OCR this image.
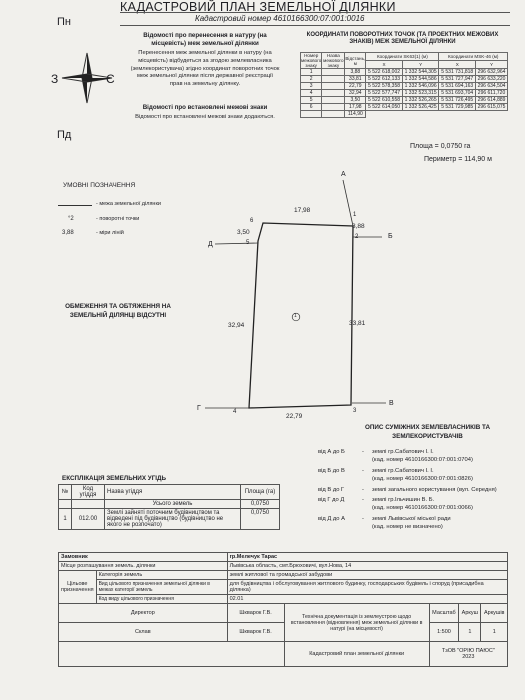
КАДАСТРОВИЙ ПЛАН ЗЕМЕЛЬНОЇ ДІЛЯНКИ
Кадастровий номер 4610166300:07:001:0016
Пн
Пд
З	С
Відомості про перенесення в натуру (на місцевість) меж земельної ділянки
Перенесення меж земельної ділянки в натуру (на місцевість) відбудеться за згодою землевласника (землекористувача) згідно координат поворотних точок меж земельної ділянки після державної реєстрації прав на земельну ділянку.
Відомості про встановлені межові знаки
Відомості про встановлені межові знаки додаються.
КООРДИНАТИ ПОВОРОТНИХ ТОЧОК (ТА ПРОЕКТНИХ МЕЖОВИХ ЗНАКІВ) МЕЖ ЗЕМЕЛЬНОЇ ДІЛЯНКИ
Номер межового знаку	Назва межового знаку	Відстань, м	Координати SK63(1) (м)		Координати МSK-46 (м)	
			X	Y	X	Y
1		3,88	5 522 618,002	1 332 544,305	5 531 731,818	296 632,964
2		33,81	5 522 612,133	1 332 544,586	5 531 727,947	296 633,220
3		22,79	5 522 578,358	1 332 546,096	5 531 694,163	296 634,504
4		32,94	5 522 577,747	1 332 523,315	5 531 693,704	296 611,720
5		3,50	5 522 610,558	1 332 526,265	5 531 726,495	296 614,889
6		17,98	5 522 614,050	1 332 526,425	5 531 729,985	296 615,075
		114,90				
Площа = 0,0750 га
Периметр = 114,90 м
УМОВНІ ПОЗНАЧЕННЯ
- межа земельної ділянки
°2	- поворотні точки
3,88	- міри ліній
ОБМЕЖЕННЯ ТА ОБТЯЖЕННЯ НА ЗЕМЕЛЬНІЙ ДІЛЯНЦІ ВІДСУТНІ
1
2
3
4
5
6
17,98
3,88
3,50
33,81
32,94
22,79
А
Б
В
Г
Д
1
ОПИС СУМІЖНИХ ЗЕМЛЕВЛАСНИКІВ ТА ЗЕМЛЕКОРИСТУВАЧІВ
від А до Б	-	землі гр.Сабатович І. І.
(кад. номер 4610166300:07:001:0704)
від Б до В	-	землі гр.Сабатович І. І.
(кад. номер 4610166300:07:001:0826)
від В до Г	-	землі загального користування (вул. Середня)
від Г до Д	-	землі гр.Ільчишин В. Б.
(кад. номер 4610166300:07:001:0066)
від Д до А	-	землі Львівської міської ради
(кад. номер не визначено)
ЕКСПЛІКАЦІЯ ЗЕМЕЛЬНИХ УГІДЬ
№	Код угіддя	Назва угіддя	Площа (га)
		Усього земель	0,0750
1	012.00	Землі зайняті поточним будівництвом та відведені під будівництво (будівництво не якого не розпочато)	0,0750
Замовник		гр.Мелечук Тарас				
Місце розташування земель. ділянки		Львівська область, смт.Брюховичі, вул.Нова, 14				
Цільове призначення	Категорія земель	землі житлової та громадської забудови				
	Вид цільового призначення земельної ділянки в межах категорії земель	для будівництва і обслуговування житлового будинку, господарських будівель і споруд (присадибна ділянка)				
	Код виду цільового призначення	02.01				
Директор		Шкварок Г.В.	Технічна документація із землеустрою щодо встановлення (відновлення) меж земельної ділянки в натурі (на місцевості)	Масштаб	Аркуш	Аркушів
Склав		Шкварок Г.В.		1:500	1	1
			Кадастровий план земельної ділянки	ТзОВ "ОРІЮ ПАЮС"
2023		
